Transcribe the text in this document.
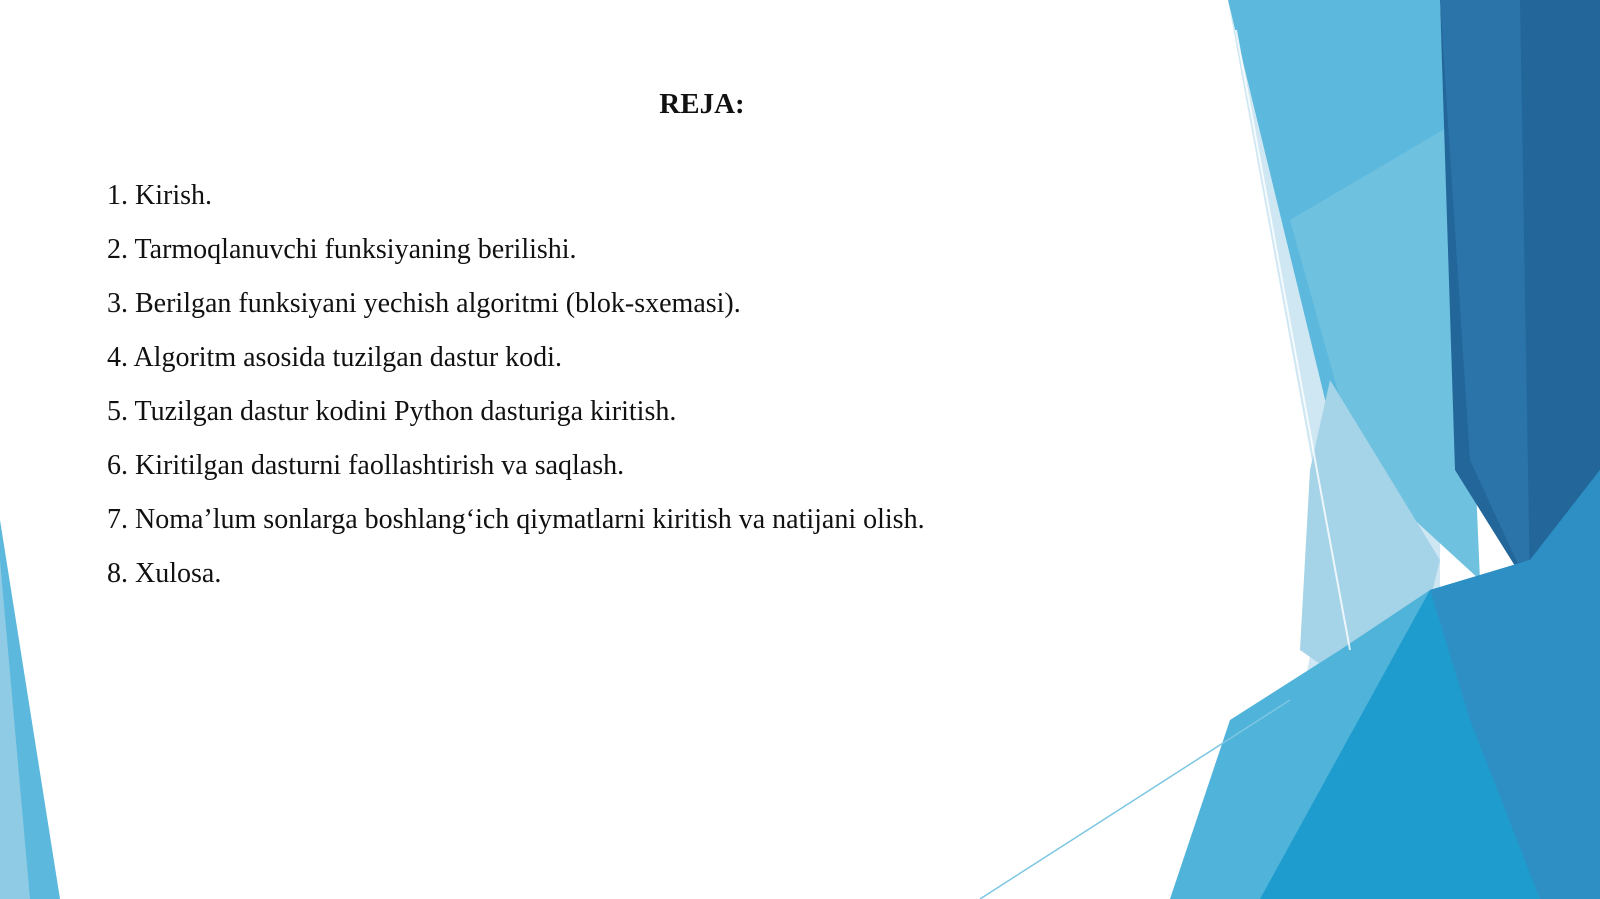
REJA:
1. Kirish.
2. Tarmoqlanuvchi funksiyaning berilishi.
3. Berilgan funksiyani yechish algoritmi (blok-sxemasi).
4. Algoritm asosida tuzilgan dastur kodi.
5. Tuzilgan dastur kodini Python dasturiga kiritish.
6. Kiritilgan dasturni faollashtirish va saqlash.
7. Noma’lum sonlarga boshlang‘ich qiymatlarni kiritish va natijani olish.
8. Xulosa.
